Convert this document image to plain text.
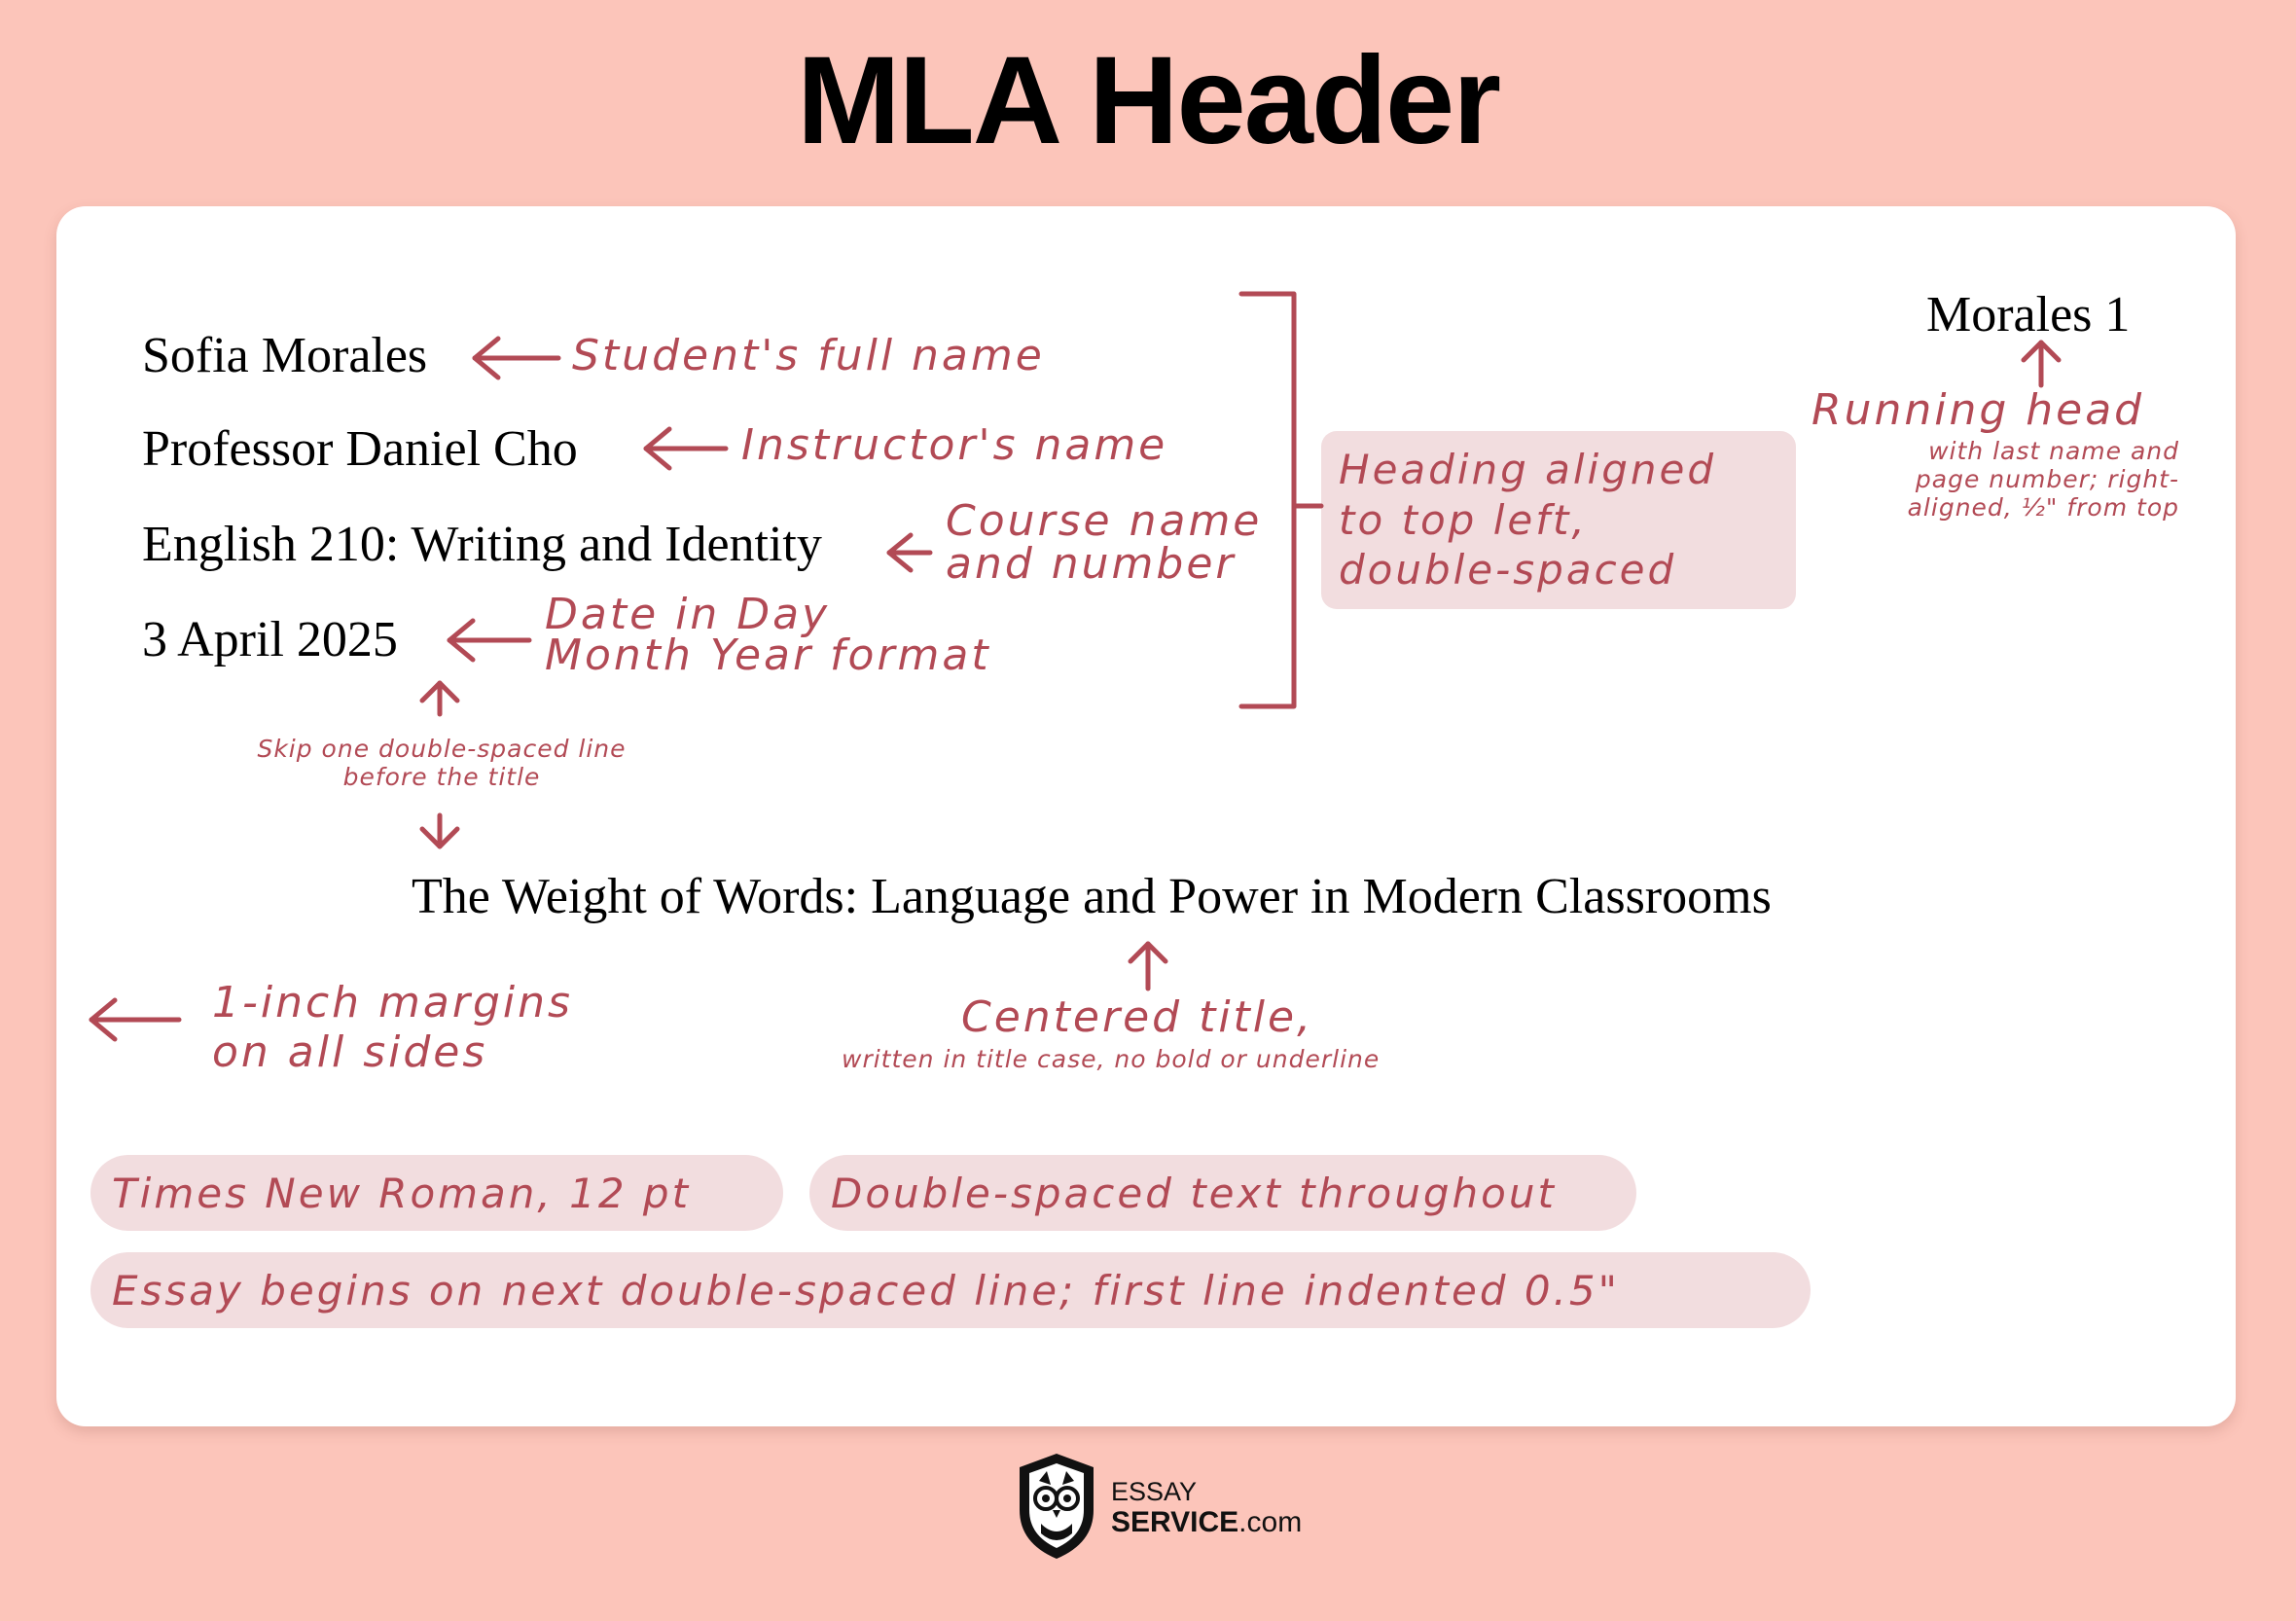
MLA Header
Sofia Morales
Professor Daniel Cho
English 210: Writing and Identity
3 April 2025
Morales 1
The Weight of Words: Language and Power in Modern Classrooms
Student's full name
Instructor's name
Course name
and number
Date in Day
Month Year format
Skip one double-spaced line
before the title
Heading aligned
to top left,
double-spaced
Running head
with last name and
page number; right-
aligned, ½" from top
Centered title,
written in title case, no bold or underline
1-inch margins
on all sides
Times New Roman, 12 pt	Double-spaced text throughout
Essay begins on next double-spaced line; first line indented 0.5"
ESSAY
SERVICE.com
